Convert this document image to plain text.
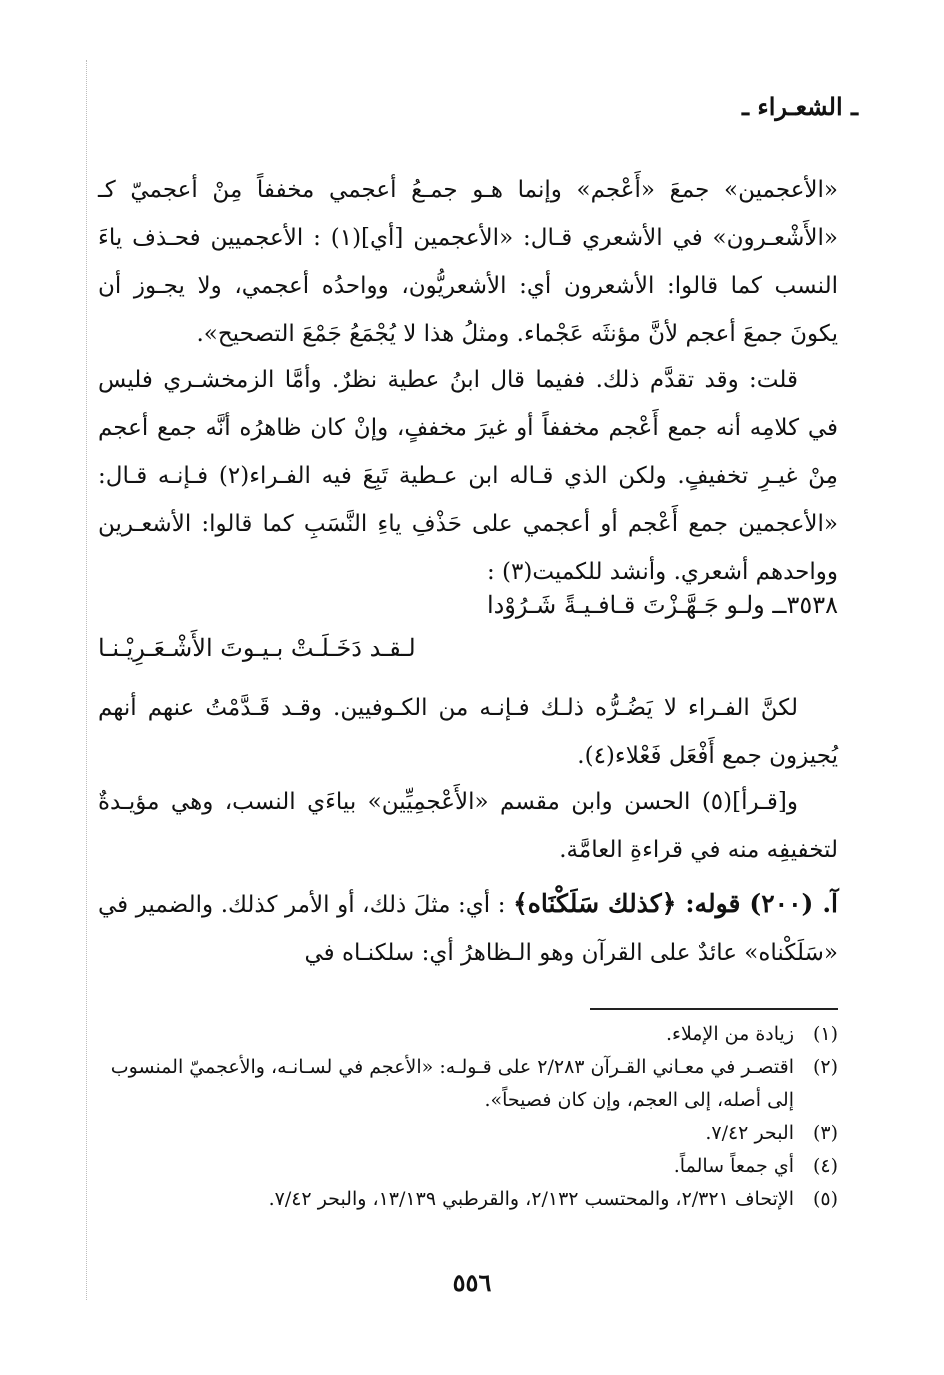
ـ الشعـراء ـ
«الأعجمين» جمعَ «أَعْجم» وإنما هـو جمـعُ أعجمي مخففاً مِنْ أعجميّ كـ «الأَشْعـرون» في الأشعري قـال: «الأعجمين [أي](١) : الأعجميين فحـذف ياءَ النسب كما قالوا: الأشعرون أي: الأشعريُّون، وواحدُه أعجمي، ولا يجـوز أن يكونَ جمعَ أعجم لأنَّ مؤنثَه عَجْماء. ومثلُ هذا لا يُجْمَعُ جَمْعَ التصحيح».
قلت: وقد تقدَّم ذلك. ففيما قال ابنُ عطية نظرٌ. وأمَّا الزمخشـري فليس في كلامِه أنه جمع أَعْجم مخففاً أو غيرَ مخففٍ، وإنْ كان ظاهرُه أنَّه جمع أعجم مِنْ غيـرِ تخفيفٍ. ولكن الذي قـاله ابن عـطية تَبِعَ فيه الفـراء(٢) فـإنـه قـال: «الأعجمين جمع أَعْجم أو أعجمي على حَذْفِ ياءِ النَّسَبِ كما قالوا: الأشعـرين وواحدهم أشعري. وأنشد للكميت(٣) :
٣٥٣٨ــ ولـو جَـهَّـزْتَ قـافـيـةً شَـرُوْدا
لـقـد دَخَـلَـتْ بـيـوتَ الأَشْـعَـرِيْـنـا
لكنَّ الفـراء لا يَضُـرُّه ذلـك فـإنـه من الكـوفيين. وقـد قَـدَّمْتُ عنهم أنهم يُجيزون جمع أَفْعَل فَعْلاء(٤).
و[قـرأ](٥) الحسن وابن مقسم «الأَعْجمِيِّين» بياءَي النسب، وهي مؤيـدةٌ لتخفيفِه منه في قراءةِ العامَّة.
آ. (٢٠٠) قوله: ﴿كذلك سَلَكْنَاه﴾ : أي: مثلَ ذلك، أو الأمر كذلك. والضمير في «سَلَكْناه» عائدٌ على القرآن وهو الـظاهرُ أي: سلكنـاه في
(١)
زيادة من الإملاء.
(٢)
اقتصـر في معـاني القـرآن ٢/٢٨٣ على قـولـه: «الأعجم في لسـانـه، والأعجميّ المنسوب إلى أصله، إلى العجم، وإن كان فصيحاً».
(٣)
البحر ٧/٤٢.
(٤)
أي جمعاً سالماً.
(٥)
الإتحاف ٢/٣٢١، والمحتسب ٢/١٣٢، والقرطبي ١٣/١٣٩، والبحر ٧/٤٢.
٥٥٦
